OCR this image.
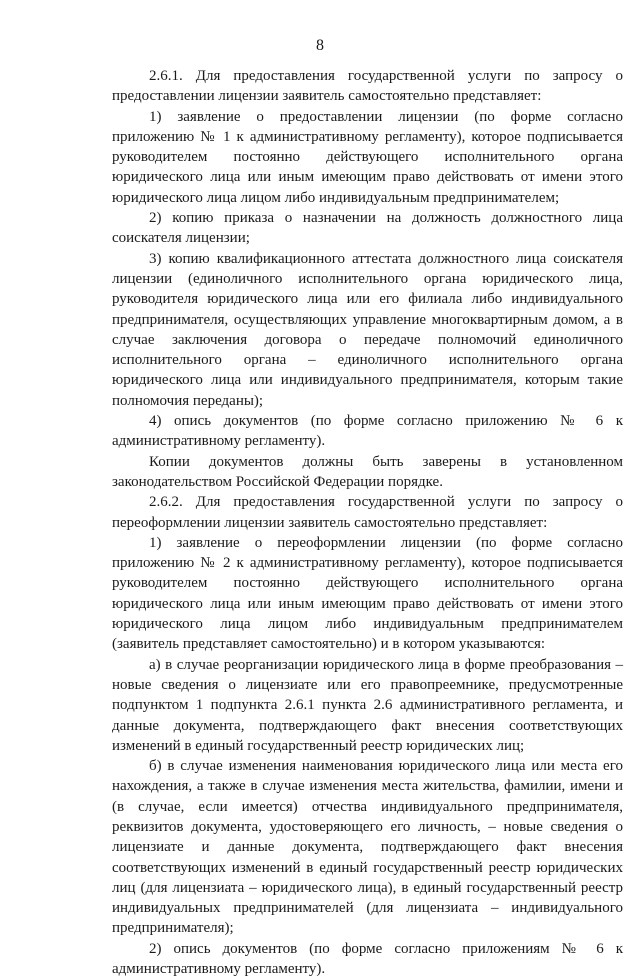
8

2.6.1. Для предоставления государственной услуги по запросу о предоставлении лицензии заявитель самостоятельно представляет:

1) заявление о предоставлении лицензии (по форме согласно приложению № 1 к административному регламенту), которое подписывается руководителем постоянно действующего исполнительного органа юридического лица или иным имеющим право действовать от имени этого юридического лица лицом либо индивидуальным предпринимателем;

2) копию приказа о назначении на должность должностного лица соискателя лицензии;

3) копию квалификационного аттестата должностного лица соискателя лицензии (единоличного исполнительного органа юридического лица, руководителя юридического лица или его филиала либо индивидуального предпринимателя, осуществляющих управление многоквартирным домом, а в случае заключения договора о передаче полномочий единоличного исполнительного органа – единоличного исполнительного органа юридического лица или индивидуального предпринимателя, которым такие полномочия переданы);

4) опись документов (по форме согласно приложению № 6 к административному регламенту).

Копии документов должны быть заверены в установленном законодательством Российской Федерации порядке.

2.6.2. Для предоставления государственной услуги по запросу о переоформлении лицензии заявитель самостоятельно представляет:

1) заявление о переоформлении лицензии (по форме согласно приложению № 2 к административному регламенту), которое подписывается руководителем постоянно действующего исполнительного органа юридического лица или иным имеющим право действовать от имени этого юридического лица лицом либо индивидуальным предпринимателем (заявитель представляет самостоятельно) и в котором указываются:

а) в случае реорганизации юридического лица в форме преобразования – новые сведения о лицензиате или его правопреемнике, предусмотренные подпунктом 1 подпункта 2.6.1 пункта 2.6 административного регламента, и данные документа, подтверждающего факт внесения соответствующих изменений в единый государственный реестр юридических лиц;

б) в случае изменения наименования юридического лица или места его нахождения, а также в случае изменения места жительства, фамилии, имени и (в случае, если имеется) отчества индивидуального предпринимателя, реквизитов документа, удостоверяющего его личность, – новые сведения о лицензиате и данные документа, подтверждающего факт внесения соответствующих изменений в единый государственный реестр юридических лиц (для лицензиата – юридического лица), в единый государственный реестр индивидуальных предпринимателей (для лицензиата – индивидуального предпринимателя);

2) опись документов (по форме согласно приложениям № 6 к административному регламенту).
